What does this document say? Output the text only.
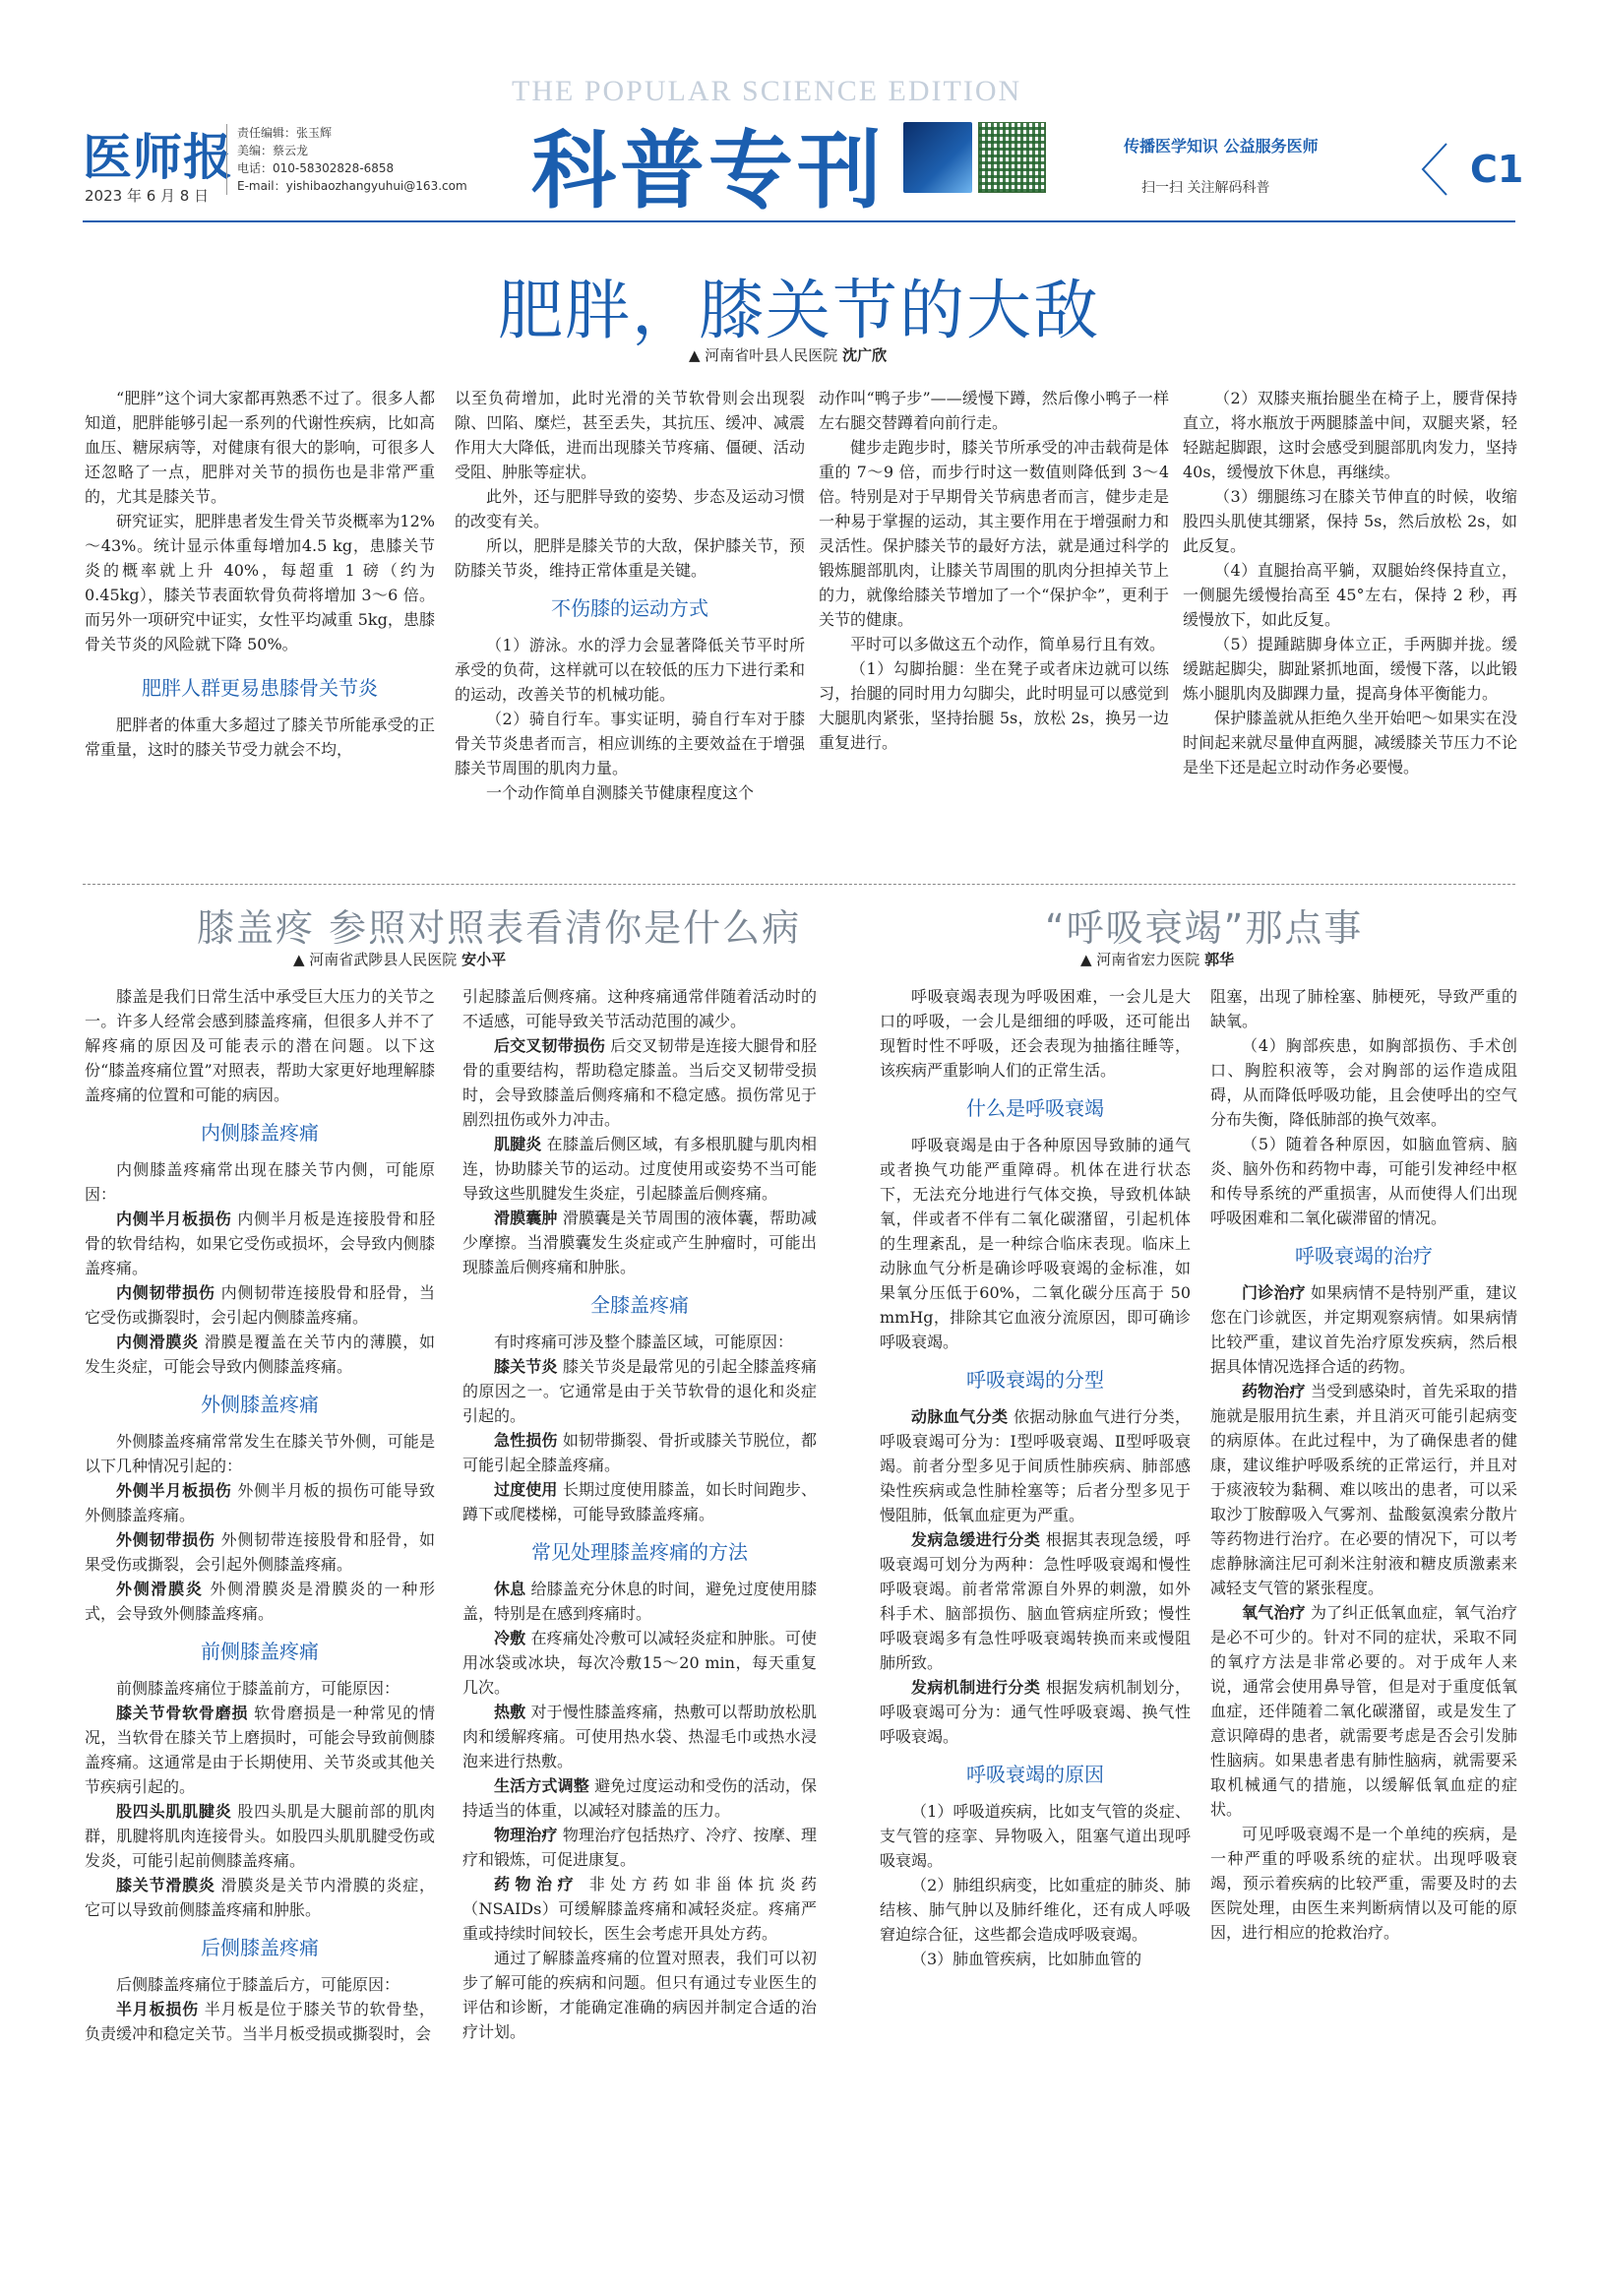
医师报
2023 年 6 月 8 日
责任编辑：张玉辉
美编：蔡云龙
电话：010-58302828-6858
E-mail：yishibaozhangyuhui@163.com
THE POPULAR SCIENCE EDITION
科普专刊	传播医学知识 公益服务医师
扫一扫 关注解码科普	C1
肥胖，膝关节的大敌
▲ 河南省叶县人民医院 沈广欣

“肥胖”这个词大家都再熟悉不过了。很多人都知道，肥胖能够引起一系列的代谢性疾病，比如高血压、糖尿病等，对健康有很大的影响，可很多人还忽略了一点，肥胖对关节的损伤也是非常严重的，尤其是膝关节。

研究证实，肥胖患者发生骨关节炎概率为12%～43%。统计显示体重每增加4.5 kg，患膝关节炎的概率就上升 40%，每超重 1 磅（约为 0.45kg），膝关节表面软骨负荷将增加 3～6 倍。而另外一项研究中证实，女性平均减重 5kg，患膝骨关节炎的风险就下降 50%。

肥胖人群更易患膝骨关节炎

肥胖者的体重大多超过了膝关节所能承受的正常重量，这时的膝关节受力就会不均，

以至负荷增加，此时光滑的关节软骨则会出现裂隙、凹陷、糜烂，甚至丢失，其抗压、缓冲、减震作用大大降低，进而出现膝关节疼痛、僵硬、活动受阻、肿胀等症状。

此外，还与肥胖导致的姿势、步态及运动习惯的改变有关。

所以，肥胖是膝关节的大敌，保护膝关节，预防膝关节炎，维持正常体重是关键。

不伤膝的运动方式

（1）游泳。水的浮力会显著降低关节平时所承受的负荷，这样就可以在较低的压力下进行柔和的运动，改善关节的机械功能。

（2）骑自行车。事实证明，骑自行车对于膝骨关节炎患者而言，相应训练的主要效益在于增强膝关节周围的肌肉力量。

一个动作简单自测膝关节健康程度这个

动作叫“鸭子步”——缓慢下蹲，然后像小鸭子一样左右腿交替蹲着向前行走。

健步走跑步时，膝关节所承受的冲击载荷是体重的 7～9 倍，而步行时这一数值则降低到 3～4 倍。特别是对于早期骨关节病患者而言，健步走是一种易于掌握的运动，其主要作用在于增强耐力和灵活性。保护膝关节的最好方法，就是通过科学的锻炼腿部肌肉，让膝关节周围的肌肉分担掉关节上的力，就像给膝关节增加了一个“保护伞”，更利于关节的健康。

平时可以多做这五个动作，简单易行且有效。

（1）勾脚抬腿：坐在凳子或者床边就可以练习，抬腿的同时用力勾脚尖，此时明显可以感觉到大腿肌肉紧张，坚持抬腿 5s，放松 2s，换另一边重复进行。

（2）双膝夹瓶抬腿坐在椅子上，腰背保持直立，将水瓶放于两腿膝盖中间，双腿夹紧，轻轻踮起脚跟，这时会感受到腿部肌肉发力，坚持 40s，缓慢放下休息，再继续。

（3）绷腿练习在膝关节伸直的时候，收缩股四头肌使其绷紧，保持 5s，然后放松 2s，如此反复。

（4）直腿抬高平躺，双腿始终保持直立，一侧腿先缓慢抬高至 45°左右，保持 2 秒，再缓慢放下，如此反复。

（5）提踵踮脚身体立正，手两脚并拢。缓缓踮起脚尖，脚趾紧抓地面，缓慢下落，以此锻炼小腿肌肉及脚踝力量，提高身体平衡能力。

保护膝盖就从拒绝久坐开始吧～如果实在没时间起来就尽量伸直两腿，减缓膝关节压力不论是坐下还是起立时动作务必要慢。

膝盖疼 参照对照表看清你是什么病
▲ 河南省武陟县人民医院 安小平

膝盖是我们日常生活中承受巨大压力的关节之一。许多人经常会感到膝盖疼痛，但很多人并不了解疼痛的原因及可能表示的潜在问题。以下这份“膝盖疼痛位置”对照表，帮助大家更好地理解膝盖疼痛的位置和可能的病因。

内侧膝盖疼痛

内侧膝盖疼痛常出现在膝关节内侧，可能原因：

内侧半月板损伤 内侧半月板是连接股骨和胫骨的软骨结构，如果它受伤或损坏，会导致内侧膝盖疼痛。

内侧韧带损伤 内侧韧带连接股骨和胫骨，当它受伤或撕裂时，会引起内侧膝盖疼痛。

内侧滑膜炎 滑膜是覆盖在关节内的薄膜，如发生炎症，可能会导致内侧膝盖疼痛。

外侧膝盖疼痛

外侧膝盖疼痛常常发生在膝关节外侧，可能是以下几种情况引起的：

外侧半月板损伤 外侧半月板的损伤可能导致外侧膝盖疼痛。

外侧韧带损伤 外侧韧带连接股骨和胫骨，如果受伤或撕裂，会引起外侧膝盖疼痛。

外侧滑膜炎 外侧滑膜炎是滑膜炎的一种形式，会导致外侧膝盖疼痛。

前侧膝盖疼痛

前侧膝盖疼痛位于膝盖前方，可能原因：

膝关节骨软骨磨损 软骨磨损是一种常见的情况，当软骨在膝关节上磨损时，可能会导致前侧膝盖疼痛。这通常是由于长期使用、关节炎或其他关节疾病引起的。

股四头肌肌腱炎 股四头肌是大腿前部的肌肉群，肌腱将肌肉连接骨头。如股四头肌肌腱受伤或发炎，可能引起前侧膝盖疼痛。

膝关节滑膜炎 滑膜炎是关节内滑膜的炎症，它可以导致前侧膝盖疼痛和肿胀。

后侧膝盖疼痛

后侧膝盖疼痛位于膝盖后方，可能原因：

半月板损伤 半月板是位于膝关节的软骨垫，负责缓冲和稳定关节。当半月板受损或撕裂时，会

引起膝盖后侧疼痛。这种疼痛通常伴随着活动时的不适感，可能导致关节活动范围的减少。

后交叉韧带损伤 后交叉韧带是连接大腿骨和胫骨的重要结构，帮助稳定膝盖。当后交叉韧带受损时，会导致膝盖后侧疼痛和不稳定感。损伤常见于剧烈扭伤或外力冲击。

肌腱炎 在膝盖后侧区域，有多根肌腱与肌肉相连，协助膝关节的运动。过度使用或姿势不当可能导致这些肌腱发生炎症，引起膝盖后侧疼痛。

滑膜囊肿 滑膜囊是关节周围的液体囊，帮助减少摩擦。当滑膜囊发生炎症或产生肿瘤时，可能出现膝盖后侧疼痛和肿胀。

全膝盖疼痛

有时疼痛可涉及整个膝盖区域，可能原因：

膝关节炎 膝关节炎是最常见的引起全膝盖疼痛的原因之一。它通常是由于关节软骨的退化和炎症引起的。

急性损伤 如韧带撕裂、骨折或膝关节脱位，都可能引起全膝盖疼痛。

过度使用 长期过度使用膝盖，如长时间跑步、蹲下或爬楼梯，可能导致膝盖疼痛。

常见处理膝盖疼痛的方法

休息 给膝盖充分休息的时间，避免过度使用膝盖，特别是在感到疼痛时。

冷敷 在疼痛处冷敷可以减轻炎症和肿胀。可使用冰袋或冰块，每次冷敷15～20 min，每天重复几次。

热敷 对于慢性膝盖疼痛，热敷可以帮助放松肌肉和缓解疼痛。可使用热水袋、热湿毛巾或热水浸泡来进行热敷。

生活方式调整 避免过度运动和受伤的活动，保持适当的体重，以减轻对膝盖的压力。

物理治疗 物理治疗包括热疗、冷疗、按摩、理疗和锻炼，可促进康复。

药物治疗 非处方药如非甾体抗炎药（NSAIDs）可缓解膝盖疼痛和减轻炎症。疼痛严重或持续时间较长，医生会考虑开具处方药。

通过了解膝盖疼痛的位置对照表，我们可以初步了解可能的疾病和问题。但只有通过专业医生的评估和诊断，才能确定准确的病因并制定合适的治疗计划。

“呼吸衰竭”那点事
▲ 河南省宏力医院 郭华

呼吸衰竭表现为呼吸困难，一会儿是大口的呼吸，一会儿是细细的呼吸，还可能出现暂时性不呼吸，还会表现为抽搐往睡等，该疾病严重影响人们的正常生活。

什么是呼吸衰竭

呼吸衰竭是由于各种原因导致肺的通气或者换气功能严重障碍。机体在进行状态下，无法充分地进行气体交换，导致机体缺氧，伴或者不伴有二氧化碳潴留，引起机体的生理紊乱，是一种综合临床表现。临床上动脉血气分析是确诊呼吸衰竭的金标准，如果氧分压低于60%，二氧化碳分压高于 50 mmHg，排除其它血液分流原因，即可确诊呼吸衰竭。

呼吸衰竭的分型

动脉血气分类 依据动脉血气进行分类，呼吸衰竭可分为：Ⅰ型呼吸衰竭、Ⅱ型呼吸衰竭。前者分型多见于间质性肺疾病、肺部感染性疾病或急性肺栓塞等；后者分型多见于慢阻肺，低氧血症更为严重。

发病急缓进行分类 根据其表现急缓，呼吸衰竭可划分为两种：急性呼吸衰竭和慢性呼吸衰竭。前者常常源自外界的刺激，如外科手术、脑部损伤、脑血管病症所致；慢性呼吸衰竭多有急性呼吸衰竭转换而来或慢阻肺所致。

发病机制进行分类 根据发病机制划分，呼吸衰竭可分为：通气性呼吸衰竭、换气性呼吸衰竭。

呼吸衰竭的原因

（1）呼吸道疾病，比如支气管的炎症、支气管的痉挛、异物吸入，阻塞气道出现呼吸衰竭。

（2）肺组织病变，比如重症的肺炎、肺结核、肺气肿以及肺纤维化，还有成人呼吸窘迫综合征，这些都会造成呼吸衰竭。

（3）肺血管疾病，比如肺血管的

阻塞，出现了肺栓塞、肺梗死，导致严重的缺氧。

（4）胸部疾患，如胸部损伤、手术创口、胸腔积液等，会对胸部的运作造成阻碍，从而降低呼吸功能，且会使呼出的空气分布失衡，降低肺部的换气效率。

（5）随着各种原因，如脑血管病、脑炎、脑外伤和药物中毒，可能引发神经中枢和传导系统的严重损害，从而使得人们出现呼吸困难和二氧化碳滞留的情况。

呼吸衰竭的治疗

门诊治疗 如果病情不是特别严重，建议您在门诊就医，并定期观察病情。如果病情比较严重，建议首先治疗原发疾病，然后根据具体情况选择合适的药物。

药物治疗 当受到感染时，首先采取的措施就是服用抗生素，并且消灭可能引起病变的病原体。在此过程中，为了确保患者的健康，建议维护呼吸系统的正常运行，并且对于痰液较为黏稠、难以咳出的患者，可以采取沙丁胺醇吸入气雾剂、盐酸氨溴索分散片等药物进行治疗。在必要的情况下，可以考虑静脉滴注尼可刹米注射液和糖皮质激素来减轻支气管的紧张程度。

氧气治疗 为了纠正低氧血症，氧气治疗是必不可少的。针对不同的症状，采取不同的氧疗方法是非常必要的。对于成年人来说，通常会使用鼻导管，但是对于重度低氧血症，还伴随着二氧化碳潴留，或是发生了意识障碍的患者，就需要考虑是否会引发肺性脑病。如果患者患有肺性脑病，就需要采取机械通气的措施，以缓解低氧血症的症状。

可见呼吸衰竭不是一个单纯的疾病，是一种严重的呼吸系统的症状。出现呼吸衰竭，预示着疾病的比较严重，需要及时的去医院处理，由医生来判断病情以及可能的原因，进行相应的抢救治疗。
